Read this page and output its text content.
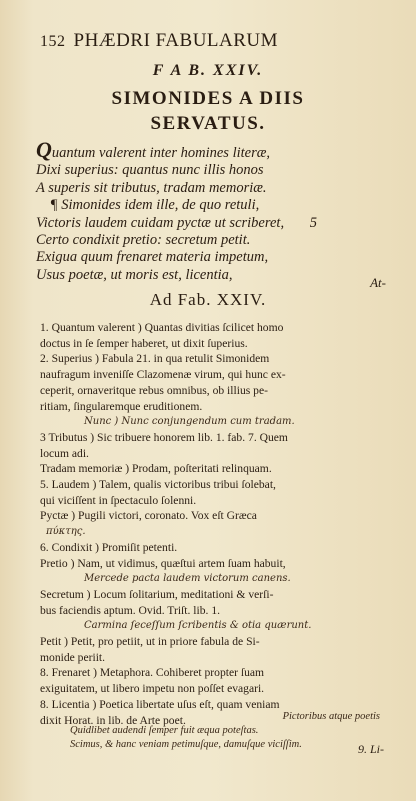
152 PHÆDRI FABULARUM
F A B. XXIV.
SIMONIDES A DIIS
SERVATUS.
Quantum valerent inter homines literæ,
Dixi superius: quantus nunc illis honos
A superis sit tributus, tradam memoriæ.
¶ Simonides idem ille, de quo retuli,
Victoris laudem cuidam pyctæ ut scriberet, 5
Certo condixit pretio: secretum petit.
Exigua quum frenaret materia impetum,
Usus poetæ, ut moris est, licentia,	At-
Ad Fab. XXIV.

1. Quantum valerent ) Quantas divitias ſcilicet homo

doctus in ſe ſemper haberet, ut dixit ſuperius.

2. Superius ) Fabula 21. in qua retulit Simonidem

naufragum inveniſſe Clazomenæ virum, qui hunc ex-

ceperit, ornaveritque rebus omnibus, ob illius pe-

ritiam, ſingularemque eruditionem.

Nunc ) Nunc conjungendum cum tradam.

3 Tributus ) Sic tribuere honorem lib. 1. fab. 7. Quem

locum adi.

Tradam memoriæ ) Prodam, poſteritati relinquam.

5. Laudem ) Talem, qualis victoribus tribui ſolebat,

qui viciſſent in ſpectaculo ſolenni.

Pyctæ ) Pugili victori, coronato. Vox eſt Græca

πύκτης.

6. Condixit ) Promiſit petenti.

Pretio ) Nam, ut vidimus, quæſtui artem ſuam habuit,

Mercede pacta laudem victorum canens.

Secretum ) Locum ſolitarium, meditationi & verſi-

bus faciendis aptum. Ovid. Triſt. lib. 1.

Carmina ſeceſſum ſcribentis & otia quærunt.

Petit ) Petit, pro petiit, ut in priore fabula de Si-

monide periit.

8. Frenaret ) Metaphora. Cohiberet propter ſuam

exiguitatem, ut libero impetu non poſſet evagari.

8. Licentia ) Poetica libertate uſus eſt, quam veniam

dixit Horat. in lib. de Arte poet.	Pictoribus atque poetis
Quidlibet audendi ſemper fuit æqua poteſtas.
Scimus, & hanc veniam petimuſque, damuſque viciſſim.	9. Li-
